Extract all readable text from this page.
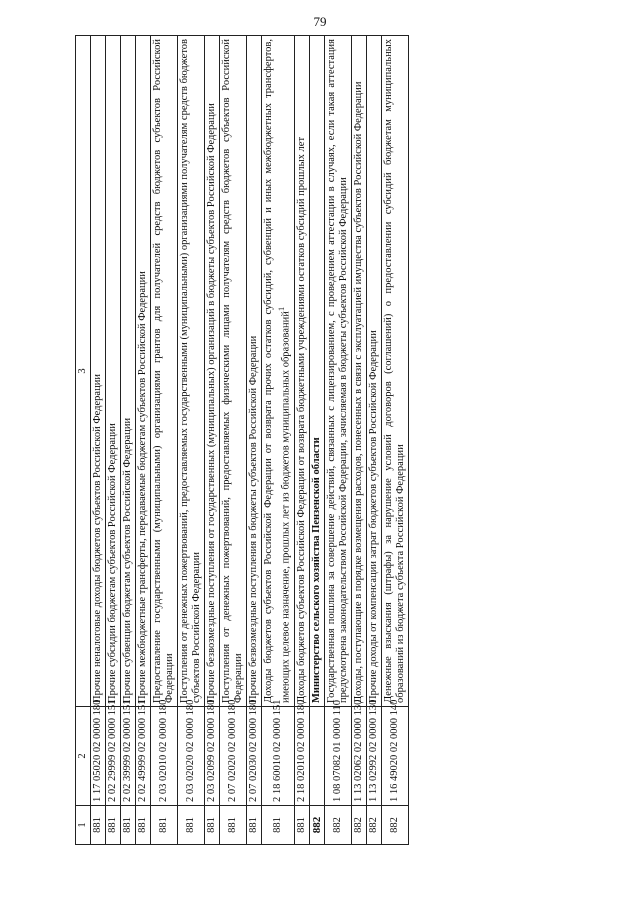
79
1	2	3
881	1 17 05020 02 0000 180	Прочие неналоговые доходы бюджетов субъектов Российской Федерации
881	2 02 29999 02 0000 151	Прочие субсидии бюджетам субъектов Российской Федерации
881	2 02 39999 02 0000 151	Прочие субвенции бюджетам субъектов Российской Федерации
881	2 02 49999 02 0000 151	Прочие межбюджетные трансферты, передаваемые бюджетам субъектов Российской Федерации
881	2 03 02010 02 0000 180	Предоставление государственными (муниципальными) организациями грантов для получателей средств бюджетов субъектов Российской Федерации
881	2 03 02020 02 0000 180	Поступления от денежных пожертвований, предоставляемых государственными (муниципальными) организациями получателям средств бюджетов субъектов Российской Федерации
881	2 03 02099 02 0000 180	Прочие безвозмездные поступления от государственных (муниципальных) организаций в бюджеты субъектов Российской Федерации
881	2 07 02020 02 0000 180	Поступления от денежных пожертвований, предоставляемых физическими лицами получателям средств бюджетов субъектов Российской Федерации
881	2 07 02030 02 0000 180	Прочие безвозмездные поступления в бюджеты субъектов Российской Федерации
881	2 18 60010 02 0000 151	Доходы бюджетов субъектов Российской Федерации от возврата прочих остатков субсидий, субвенций и иных межбюджетных трансфертов, имеющих целевое назначение, прошлых лет из бюджетов муниципальных образований$^1$
881	2 18 02010 02 0000 180	Доходы бюджетов субъектов Российской Федерации от возврата бюджетными учреждениями остатков субсидий прошлых лет
882		Министерство сельского хозяйства Пензенской области
882	1 08 07082 01 0000 110	Государственная пошлина за совершение действий, связанных с лицензированием, с проведением аттестации в случаях, если такая аттестация предусмотрена законодательством Российской Федерации, зачисляемая в бюджеты субъектов Российской Федерации
882	1 13 02062 02 0000 130	Доходы, поступающие в порядке возмещения расходов, понесенных в связи с эксплуатацией имущества субъектов Российской Федерации
882	1 13 02992 02 0000 130	Прочие доходы от компенсации затрат бюджетов субъектов Российской Федерации
882	1 16 49020 02 0000 140	Денежные взыскания (штрафы) за нарушение условий договоров (соглашений) о предоставлении субсидий бюджетам муниципальных образований из бюджета субъекта Российской Федерации
